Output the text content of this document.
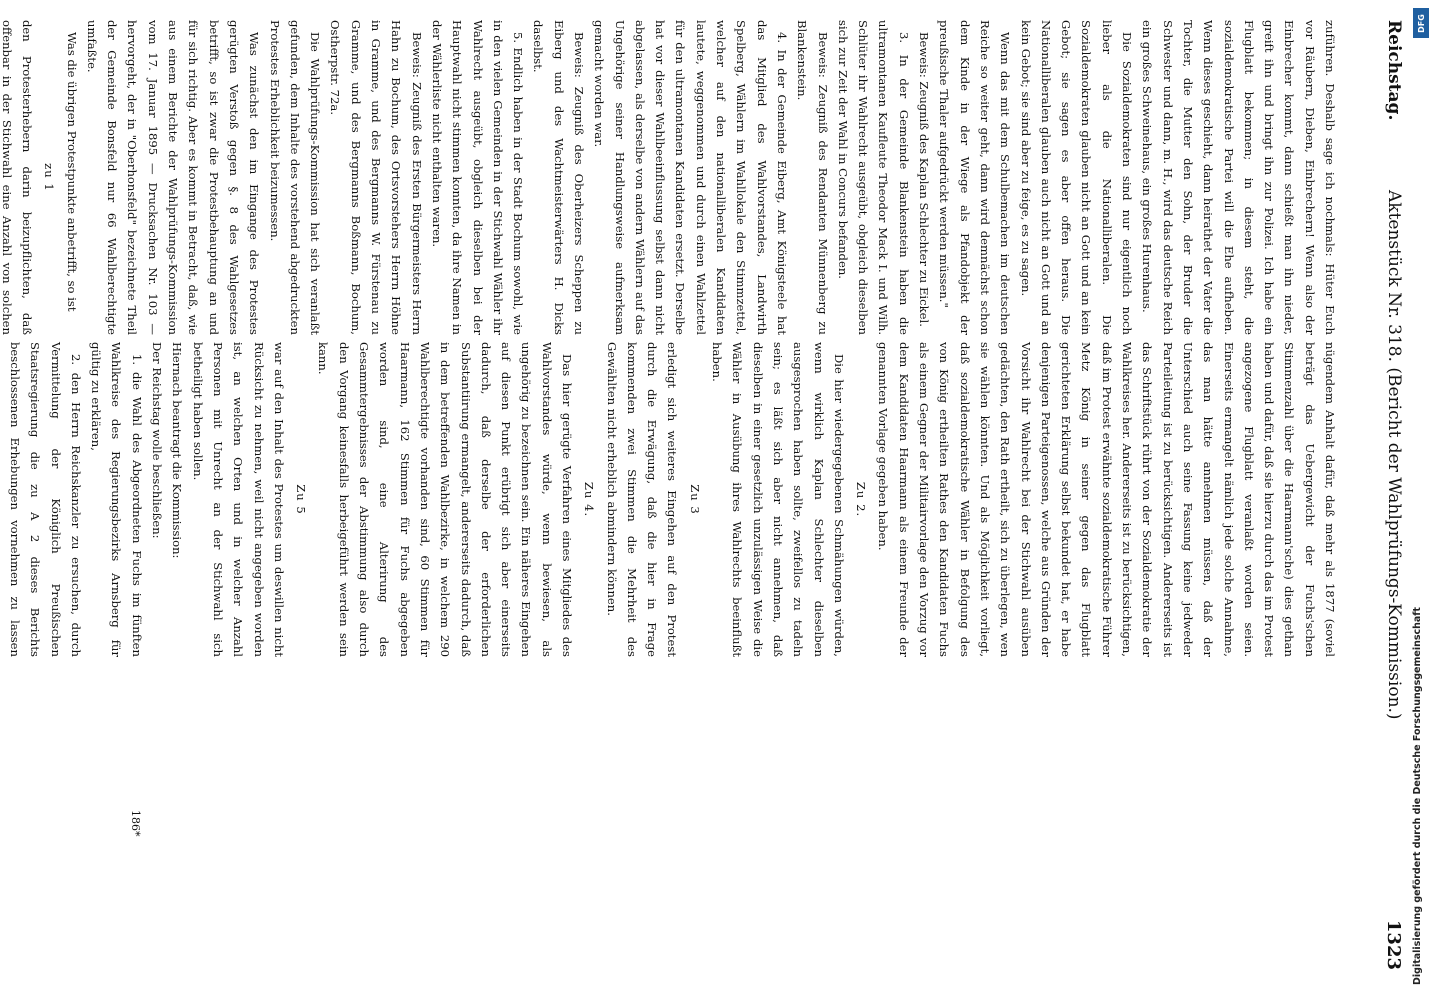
Reichstag.
Aktenstück Nr. 318. (Bericht der Wahlprüfungs-Kommission.)
1323

zuführen. Deshalb sage ich nochmals: Hüter Euch vor Räubern, Dieben, Einbrechern! Wenn also der Einbrecher kommt, dann schießt man ihn nieder, greift ihn und bringt ihn zur Polizei. Ich habe ein Flugblatt bekommen; in diesem steht, die sozialdemokratische Partei will die Ehe aufheben. Wenn dieses geschieht, dann heirathet der Vater die Tochter, die Mutter den Sohn, der Bruder die Schwester und dann, m. H., wird das deutsche Reich ein großes Schweinehaus, ein großes Hurenhaus.

Die Sozialdemokraten sind nur eigentlich noch lieber als die Nationalliberalen. Die Sozialdemokraten glauben nicht an Gott und an kein Gebot; sie sagen es aber offen heraus. Die Nationalliberalen glauben auch nicht an Gott und an kein Gebot; sie sind aber zu feige, es zu sagen.

Wenn das mit dem Schulbemachen im deutschen Reiche so weiter geht, dann wird demnächst schon dem Kinde in der Wiege als Pfandobjekt der preußische Thaler aufgedrückt werden müssen."

Beweis: Zeugniß des Kaplan Schlechter zu Eickel.

3. In der Gemeinde Blankenstein haben die ultramontanen Kaufleute Theodor Mack I. und Wilh. Schlüter ihr Wahlrecht ausgeübt, obgleich dieselben sich zur Zeit der Wahl in Concurs befanden.

Beweis: Zeugniß des Rendanten Münnenberg zu Blankenstein.

4. In der Gemeinde Eiberg, Amt Königsteele hat das Mitglied des Wahlvorstandes, Landwirth Spelberg, Wählern im Wahllokale den Stimmzettel, welcher auf den nationalliberalen Kandidaten lautete, weggenommen und durch einen Wahlzettel für den ultramontanen Kandidaten ersetzt. Derselbe hat vor dieser Wahlbeeinflussung selbst dann nicht abgelassen, als derselbe von andern Wählern auf das Ungehörige seiner Handlungsweise aufmerksam gemacht worden war.

Beweis: Zeugniß des Oberheizers Scheppen zu Eiberg und des Wachtmeisterwärters H. Dicks daselbst.

5. Endlich haben in der Stadt Bochum sowohl, wie in den vielen Gemeinden in der Stichwahl Wähler ihr Wahlrecht ausgeübt, obgleich dieselben bei der Hauptwahl nicht stimmen konnten, da ihre Namen in der Wählerliste nicht enthalten waren.

Beweis: Zeugniß des Ersten Bürgermeisters Herrn Hahn zu Bochum, des Ortsvorstehers Herrn Höhne in Gramme, und des Bergmanns W. Fürstenau zu Gramme, und des Bergmanns Boßmann, Bochum, Ostherpstr. 72a.

Die Wahlprüfungs-Kommission hat sich veranlaßt gefunden, dem Inhalte des vorstehend abgedruckten Protestes Erheblichkeit beizumessen.

Was zunächst den im Eingange des Protestes gerügten Verstoß gegen §. 8 des Wahlgesetzes betrifft, so ist zwar die Protestbehauptung an und für sich richtig. Aber es kommt in Betracht, daß, wie aus einem Berichte der Wahlprüfungs-Kommission vom 17. Januar 1895 — Drucksachen Nr. 103 — hervorgeht, der in "Oberhonsfeld" bezeichnete Theil der Gemeinde Bonsfeld nur 66 Wahlberechtigte umfaßte.

Was die übrigen Protestpunkte anbetrifft, so ist

zu 1

den Protesterhebern darin beizupflichten, daß offenbar in der Stichwahl eine Anzahl von solchen

nügendem Anhalt dafür, daß mehr als 1877 (soviel beträgt das Uebergewicht der Fuchs'schen Stimmenzahl über die Haarmann'sche) dies gethan haben und dafür, daß sie hierzu durch das im Protest angezogene Flugblatt veranlaßt worden seien. Einerseits ermangelt nämlich jede solche Annahme, das man hätte annehmen müssen, daß der Unterschied auch seine Fassung keine jedweder Parteileitung ist zu berücksichtigen. Andererseits ist das Schriftstück rührt von der Sozialdemokratie der Wahlkreises her. Andererseits ist zu berücksichtigen, daß im Protest erwähnte sozialdemokratische Führer Metz König in seiner gegen das Flugblatt gerichteten Erklärung selbst bekundet hat, er habe denjenigen Parteigenossen, welche aus Gründen der Vorsicht ihr Wahlrecht bei der Stichwahl ausüben gedächten, den Rath ertheilt, sich zu überlegen, wen sie wählen könnten. Und als Möglichkeit vorliegt, daß sozialdemokratische Wähler in Befolgung des von König ertheilten Rathes den Kandidaten Fuchs als einem Gegner der Militairvorlage den Vorzug vor dem Kandidaten Haarmann als einem Freunde der genannten Vorlage gegeben haben.

Zu 2.

Die hier wiedergegebenen Schmähungen würden, wenn wirklich Kaplan Schlechter dieselben ausgesprochen haben sollte, zweifellos zu tadeln sein; es läßt sich aber nicht annehmen, daß dieselben in einer gesetzlich unzulässigen Weise die Wähler in Ausübung ihres Wahlrechts beeinflußt haben.

Zu 3

erledigt sich weiteres Eingehen auf den Protest durch die Erwägung, daß die hier in Frage kommenden zwei Stimmen die Mehrheit des Gewählten nicht erheblich abmindern können.

Zu 4.

Das hier gerügte Verfahren eines Mitgliedes des Wahlvorstandes würde, wenn bewiesen, als ungehörig zu bezeichnen sein. Ein näheres Eingehen auf diesen Punkt erübrigt sich aber einerseits dadurch, daß derselbe der erforderlichen Substantiirung ermangelt, andererseits dadurch, daß in dem betreffenden Wahlbezirke, in welchem 290 Wahlberechtigte vorhanden sind, 60 Stimmen für Haarmann, 162 Stimmen für Fuchs abgegeben worden sind, eine Alterirung des Gesammtergebnisses der Abstimmung also durch den Vorgang keinesfalls herbeigeführt werden sein kann.

Zu 5

war auf den Inhalt des Protestes um deswillen nicht Rücksicht zu nehmen, weil nicht angegeben worden ist, an welchen Orten und in welcher Anzahl Personen mit Unrecht an der Stichwahl sich betheiligt haben sollen.

Hiernach beantragt die Kommission:

Der Reichstag wolle beschließen:

1. die Wahl des Abgeordneten Fuchs im fünften Wahlkreise des Regierungsbezirks Arnsberg für gültig zu erklären,

2. den Herrn Reichskanzler zu ersuchen, durch Vermittelung der Königlich Preußischen Staatsregierung die zu A 2 dieses Berichts beschlossenen Erhebungen vornehmen zu lassen

186*	Digitalisierung gefördert durch die Deutsche Forschungsgemeinschaft
DFG
